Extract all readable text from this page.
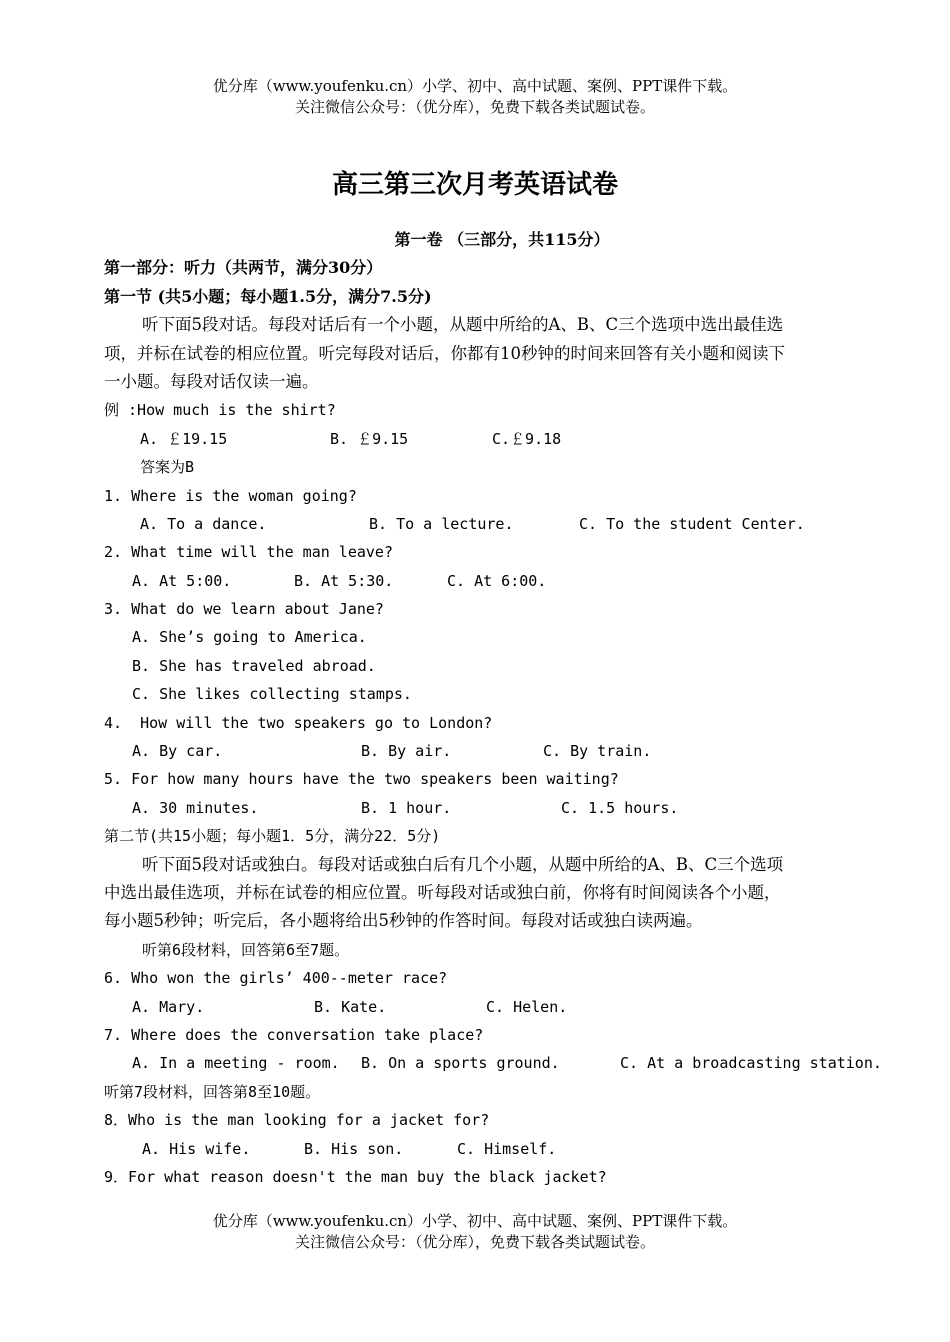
优分库（www.youfenku.cn）小学、初中、高中试题、案例、PPT课件下载。
关注微信公众号：（优分库），免费下载各类试题试卷。
高三第三次月考英语试卷
第一卷 （三部分，共115分）
第一部分：听力（共两节，满分30分）
第一节 (共5小题；每小题1.5分，满分7.5分)
听下面5段对话。每段对话后有一个小题，从题中所给的A、B、C三个选项中选出最佳选
项，并标在试卷的相应位置。听完每段对话后，你都有10秒钟的时间来回答有关小题和阅读下
一小题。每段对话仅读一遍。
例 :How much is the shirt?
A. ￡19.15	B. ￡9.15	C.￡9.18
答案为B
1. Where is the woman going?
A. To a dance.	B. To a lecture.	C. To the student Center.
2. What time will the man leave?
A. At 5:00.	B. At 5:30.	C. At 6:00.
3. What do we learn about Jane?
A. She’s going to America.
B. She has traveled abroad.
C. She likes collecting stamps.
4.  How will the two speakers go to London?
A. By car.	B. By air.	C. By train.
5. For how many hours have the two speakers been waiting?
A. 30 minutes.	B. 1 hour.	C. 1.5 hours.
第二节(共15小题；每小题1．5分，满分22．5分)
听下面5段对话或独白。每段对话或独白后有几个小题，从题中所给的A、B、C三个选项
中选出最佳选项，并标在试卷的相应位置。听每段对话或独白前，你将有时间阅读各个小题，
每小题5秒钟；听完后，各小题将给出5秒钟的作答时间。每段对话或独白读两遍。
听第6段材料，回答第6至7题。
6. Who won the girls’ 400--meter race?
A. Mary.	B. Kate.	C. Helen.
7. Where does the conversation take place?
A. In a meeting - room. B. On a sports ground.	C. At a broadcasting station.
听第7段材料，回答第8至10题。
8．Who is the man looking for a jacket for?
A. His wife.	B. His son.	C. Himself.
9．For what reason doesn't the man buy the black jacket?
优分库（www.youfenku.cn）小学、初中、高中试题、案例、PPT课件下载。
关注微信公众号：（优分库），免费下载各类试题试卷。
